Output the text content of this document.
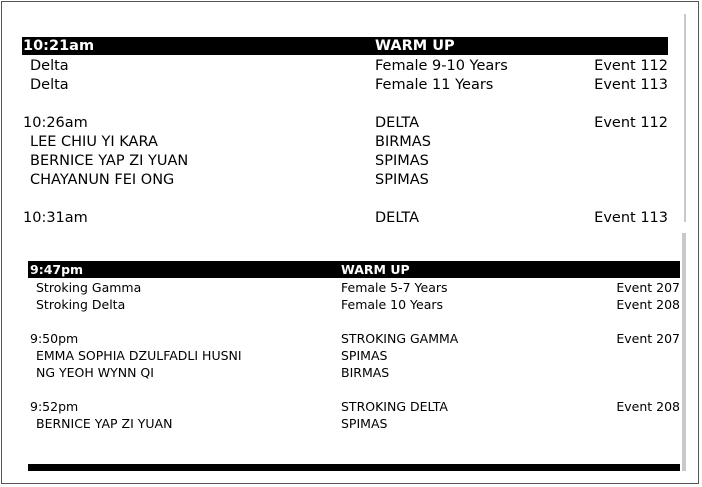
10:21am	WARM UP
Delta	Female 9-10 Years	Event 112
Delta	Female 11 Years	Event 113
10:26am	DELTA	Event 112
LEE CHIU YI KARA	BIRMAS
BERNICE YAP ZI YUAN	SPIMAS
CHAYANUN FEI ONG	SPIMAS
10:31am	DELTA	Event 113
9:47pm	WARM UP
Stroking Gamma	Female 5-7 Years	Event 207
Stroking Delta	Female 10 Years	Event 208
9:50pm	STROKING GAMMA	Event 207
EMMA SOPHIA DZULFADLI HUSNI	SPIMAS
NG YEOH WYNN QI	BIRMAS
9:52pm	STROKING DELTA	Event 208
BERNICE YAP ZI YUAN	SPIMAS
